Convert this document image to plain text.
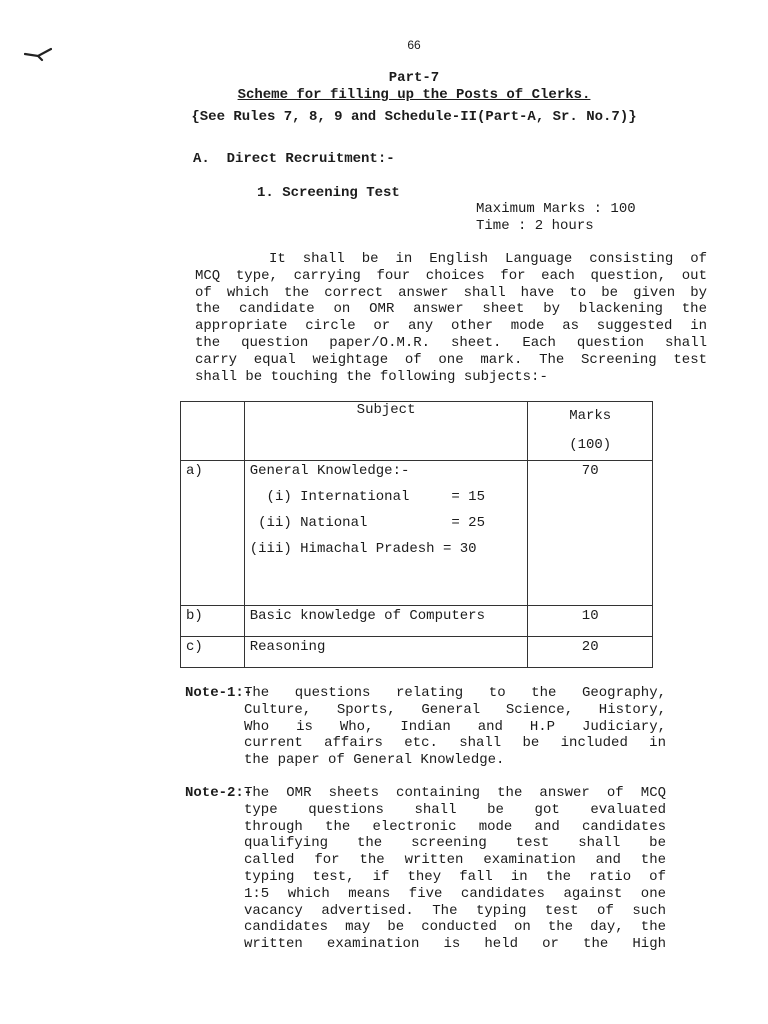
66
Part-7
Scheme for filling up the Posts of Clerks.
{See Rules 7, 8, 9 and Schedule-II(Part-A, Sr. No.7)}
A.  Direct Recruitment:-
1. Screening Test
Maximum Marks : 100
Time : 2 hours
It shall be in English Language consisting of
MCQ type, carrying four choices for each question, out
of which the correct answer shall have to be given by
the candidate on OMR answer sheet by blackening the
appropriate circle or any other mode as suggested in
the question paper/O.M.R. sheet. Each question shall
carry equal weightage of one mark. The Screening test
shall be touching the following subjects:-
	Subject	Marks
(100)
a)	General Knowledge:-
(i) International     = 15
(ii) National          = 25
(iii) Himachal Pradesh = 30	70
b)	Basic knowledge of Computers	10
c)	Reasoning	20
Note-1:-
The questions relating to the Geography,
Culture, Sports, General Science, History,
Who is Who, Indian and H.P Judiciary,
current affairs etc. shall be included in
the paper of General Knowledge.
Note-2:-
The OMR sheets containing the answer of MCQ
type questions shall be got evaluated
through the electronic mode and candidates
qualifying the screening test shall be
called for the written examination and the
typing test, if they fall in the ratio of
1:5 which means five candidates against one
vacancy advertised. The typing test of such
candidates may be conducted on the day, the
written examination is held or the High
